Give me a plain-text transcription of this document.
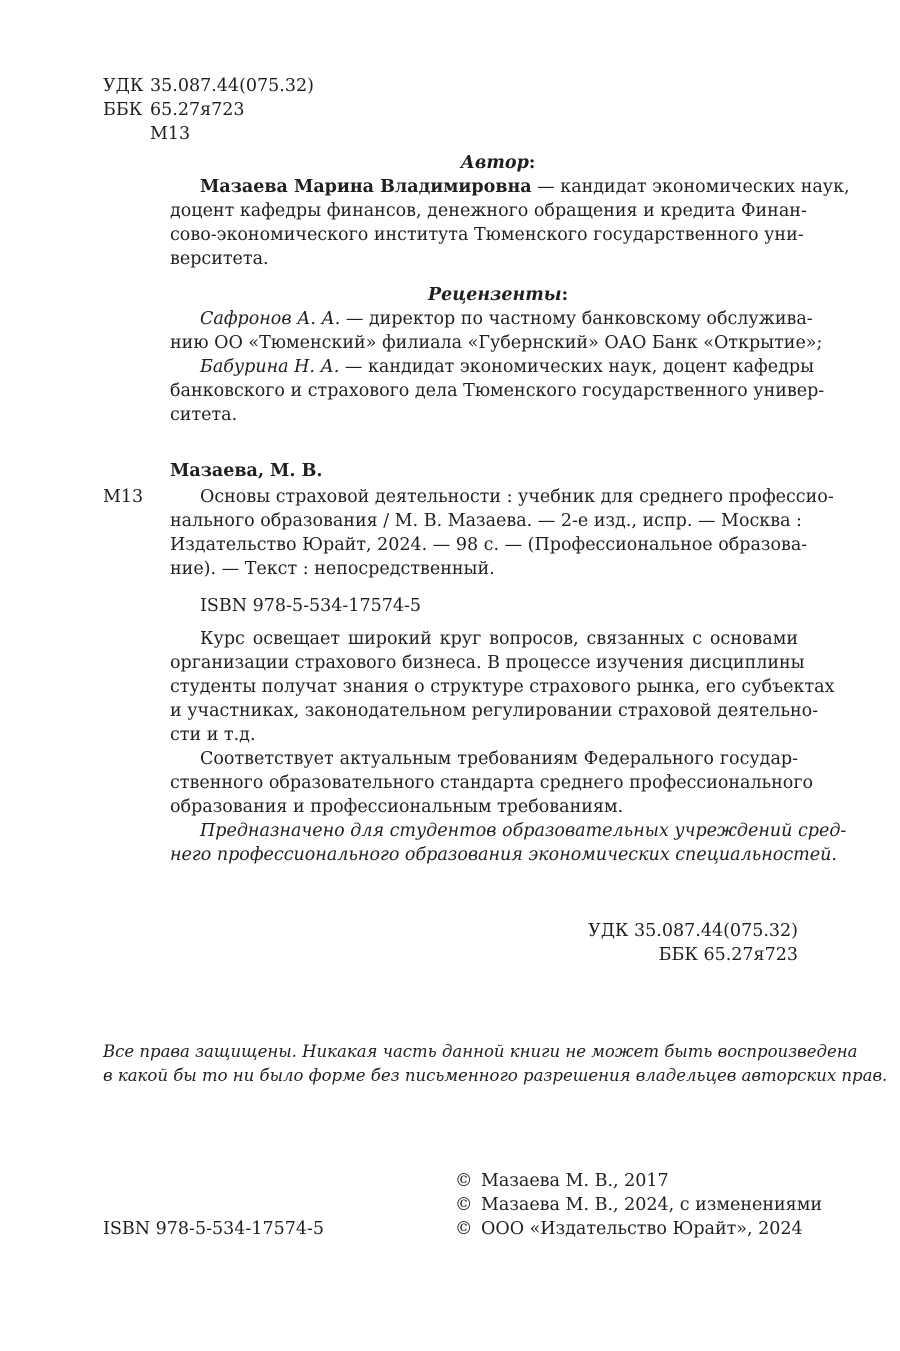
УДК 35.087.44(075.32)
ББК 65.27я723
М13
Автор:
Мазаева Марина Владимировна — кандидат экономических наук,
доцент кафедры финансов, денежного обращения и кредита Финан-
сово-экономического института Тюменского государственного уни-
верситета.
Рецензенты:
Сафронов А. А. — директор по частному банковскому обслужива-
нию ОО «Тюменский» филиала «Губернский» ОАО Банк «Открытие»;
Бабурина Н. А. — кандидат экономических наук, доцент кафедры
банковского и страхового дела Тюменского государственного универ-
ситета.
Мазаева, М. В.
М13	Основы страховой деятельности : учебник для среднего профессио-
нального образования / М. В. Мазаева. — 2-е изд., испр. — Москва :
Издательство Юрайт, 2024. — 98 с. — (Профессиональное образова-
ние). — Текст : непосредственный.
ISBN 978-5-534-17574-5
Курс освещает широкий круг вопросов, связанных с основами
организации страхового бизнеса. В процессе изучения дисциплины
студенты получат знания о структуре страхового рынка, его субъектах
и участниках, законодательном регулировании страховой деятельно-
сти и т.д.
Соответствует актуальным требованиям Федерального государ-
ственного образовательного стандарта среднего профессионального
образования и профессиональным требованиям.
Предназначено для студентов образовательных учреждений сред-
него профессионального образования экономических специальностей.
УДК 35.087.44(075.32)
ББК 65.27я723
Все права защищены. Никакая часть данной книги не может быть воспроизведена
в какой бы то ни было форме без письменного разрешения владельцев авторских прав.
© Мазаева М. В., 2017
© Мазаева М. В., 2024, с изменениями
© ООО «Издательство Юрайт», 2024
ISBN 978-5-534-17574-5
